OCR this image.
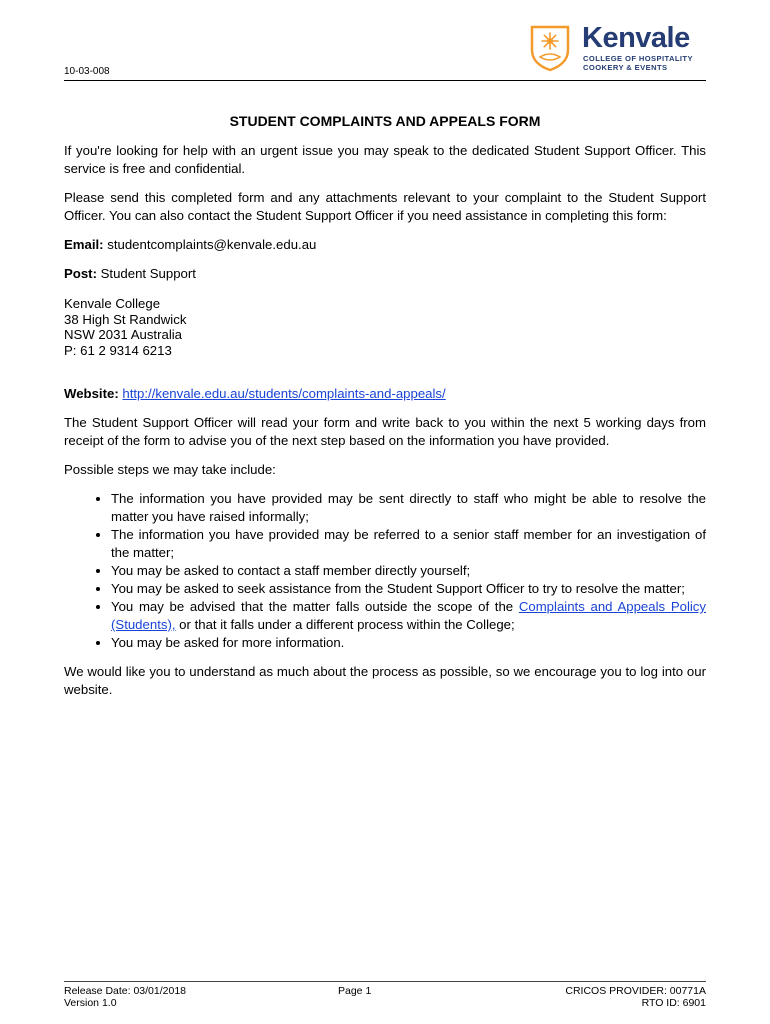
10-03-008
Kenvale
COLLEGE OF HOSPITALITY
COOKERY & EVENTS
STUDENT COMPLAINTS AND APPEALS FORM

If you're looking for help with an urgent issue you may speak to the dedicated Student Support Officer. This service is free and confidential.

Please send this completed form and any attachments relevant to your complaint to the Student Support Officer. You can also contact the Student Support Officer if you need assistance in completing this form:

Email: studentcomplaints@kenvale.edu.au

Post: Student Support

Kenvale College
38 High St Randwick
NSW 2031 Australia
P: 61 2 9314 6213

Website: http://kenvale.edu.au/students/complaints-and-appeals/

The Student Support Officer will read your form and write back to you within the next 5 working days from receipt of the form to advise you of the next step based on the information you have provided.

Possible steps we may take include:

• The information you have provided may be sent directly to staff who might be able to resolve the matter you have raised informally;
• The information you have provided may be referred to a senior staff member for an investigation of the matter;
• You may be asked to contact a staff member directly yourself;
• You may be asked to seek assistance from the Student Support Officer to try to resolve the matter;
• You may be advised that the matter falls outside the scope of the Complaints and Appeals Policy (Students), or that it falls under a different process within the College;
• You may be asked for more information.

We would like you to understand as much about the process as possible, so we encourage you to log into our website.

Release Date: 03/01/2018
Version 1.0
Page 1	CRICOS PROVIDER: 00771A
RTO ID: 6901
